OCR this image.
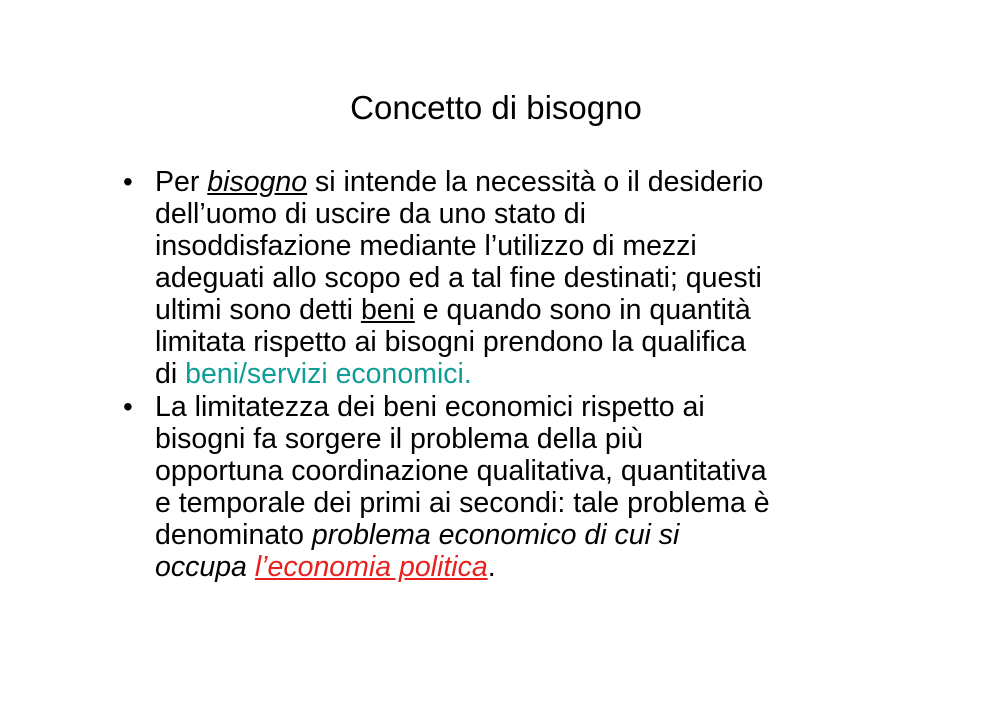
Concetto di bisogno
• Per bisogno si intende la necessità o il desiderio
dell’uomo di uscire da uno stato di
insoddisfazione mediante l’utilizzo di mezzi
adeguati allo scopo ed a tal fine destinati; questi
ultimi sono detti beni e quando sono in quantità
limitata rispetto ai bisogni prendono la qualifica
di beni/servizi economici.
• La limitatezza dei beni economici rispetto ai
bisogni fa sorgere il problema della più
opportuna coordinazione qualitativa, quantitativa
e temporale dei primi ai secondi: tale problema è
denominato problema economico di cui si
occupa l’economia politica.
